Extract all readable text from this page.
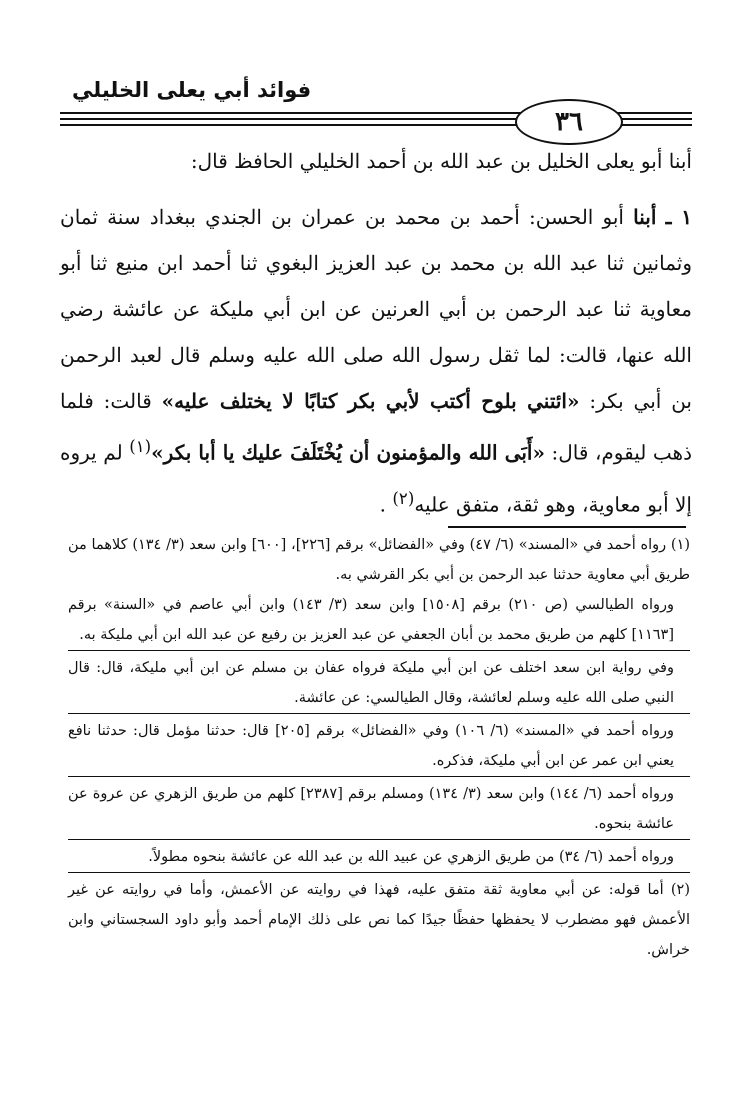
فوائد أبي يعلى الخليلي
٣٦

أبنا أبو يعلى الخليل بن عبد الله بن أحمد الخليلي الحافظ قال:

١ ـ أبنا أبو الحسن: أحمد بن محمد بن عمران بن الجندي ببغداد سنة ثمان وثمانين ثنا عبد الله بن محمد بن عبد العزيز البغوي ثنا أحمد ابن منيع ثنا أبو معاوية ثنا عبد الرحمن بن أبي العرنين عن ابن أبي مليكة عن عائشة رضي الله عنها، قالت: لما ثقل رسول الله صلى الله عليه وسلم قال لعبد الرحمن بن أبي بكر: «ائتني بلوح أكتب لأبي بكر كتابًا لا يختلف عليه» قالت: فلما ذهب ليقوم، قال: «أَبَى الله والمؤمنون أن يُخْتَلَفَ عليك يا أبا بكر»$^{(١)}$ لم يروه إلا أبو معاوية، وهو ثقة، متفق عليه$^{(٢)}$ .

(١) رواه أحمد في «المسند» (٦/ ٤٧) وفي «الفضائل» برقم [٢٢٦]، [٦٠٠] وابن سعد (٣/ ١٣٤) كلاهما من طريق أبي معاوية حدثنا عبد الرحمن بن أبي بكر القرشي به.

ورواه الطيالسي (ص ٢١٠) برقم [١٥٠٨] وابن سعد (٣/ ١٤٣) وابن أبي عاصم في «السنة» برقم [١١٦٣] كلهم من طريق محمد بن أبان الجعفي عن عبد العزيز بن رفيع عن عبد الله ابن أبي مليكة به.

وفي رواية ابن سعد اختلف عن ابن أبي مليكة فرواه عفان بن مسلم عن ابن أبي مليكة، قال: قال النبي صلى الله عليه وسلم لعائشة، وقال الطيالسي: عن عائشة.

ورواه أحمد في «المسند» (٦/ ١٠٦) وفي «الفضائل» برقم [٢٠٥] قال: حدثنا مؤمل قال: حدثنا نافع يعني ابن عمر عن ابن أبي مليكة، فذكره.

ورواه أحمد (٦/ ١٤٤) وابن سعد (٣/ ١٣٤) ومسلم برقم [٢٣٨٧] كلهم من طريق الزهري عن عروة عن عائشة بنحوه.

ورواه أحمد (٦/ ٣٤) من طريق الزهري عن عبيد الله بن عبد الله عن عائشة بنحوه مطولاً.

(٢) أما قوله: عن أبي معاوية ثقة متفق عليه، فهذا في روايته عن الأعمش، وأما في روايته عن غير الأعمش فهو مضطرب لا يحفظها حفظًا جيدًا كما نص على ذلك الإمام أحمد وأبو داود السجستاني وابن خراش.
